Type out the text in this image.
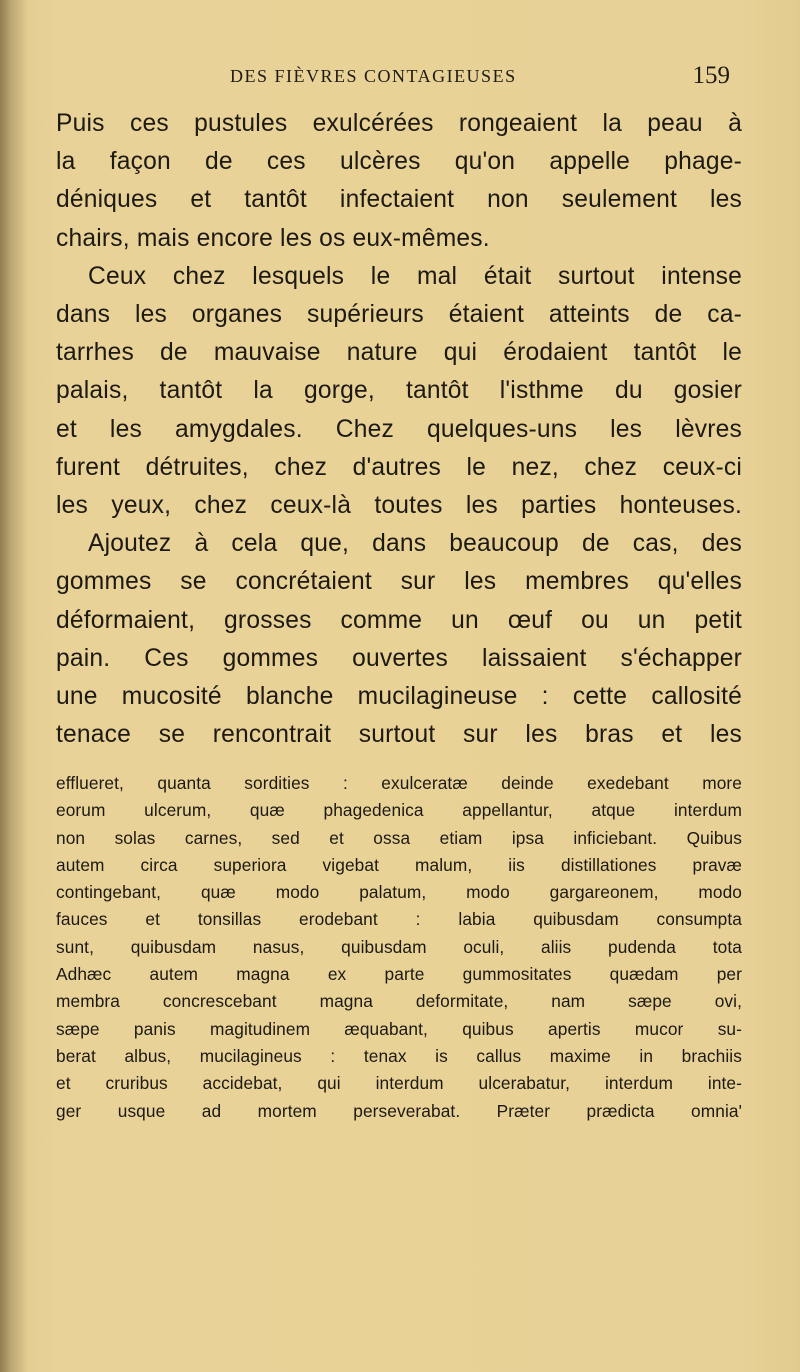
DES FIÈVRES CONTAGIEUSES	159
Puis ces pustules exulcérées rongeaient la peau à
la façon de ces ulcères qu'on appelle phage-
déniques et tantôt infectaient non seulement les
chairs, mais encore les os eux-mêmes.
Ceux chez lesquels le mal était surtout intense
dans les organes supérieurs étaient atteints de ca-
tarrhes de mauvaise nature qui érodaient tantôt le
palais, tantôt la gorge, tantôt l'isthme du gosier
et les amygdales. Chez quelques-uns les lèvres
furent détruites, chez d'autres le nez, chez ceux-ci
les yeux, chez ceux-là toutes les parties honteuses.
Ajoutez à cela que, dans beaucoup de cas, des
gommes se concrétaient sur les membres qu'elles
déformaient, grosses comme un œuf ou un petit
pain. Ces gommes ouvertes laissaient s'échapper
une mucosité blanche mucilagineuse : cette callosité
tenace se rencontrait surtout sur les bras et les
efflueret, quanta sordities : exulceratæ deinde exedebant more
eorum ulcerum, quæ phagedenica appellantur, atque interdum
non solas carnes, sed et ossa etiam ipsa inficiebant. Quibus
autem circa superiora vigebat malum, iis distillationes pravæ
contingebant, quæ modo palatum, modo gargareonem, modo
fauces et tonsillas erodebant : labia quibusdam consumpta
sunt, quibusdam nasus, quibusdam oculi, aliis pudenda tota
Adhæc autem magna ex parte gummositates quædam per
membra concrescebant magna deformitate, nam sæpe ovi,
sæpe panis magitudinem æquabant, quibus apertis mucor su-
berat albus, mucilagineus : tenax is callus maxime in brachiis
et cruribus accidebat, qui interdum ulcerabatur, interdum inte-
ger usque ad mortem perseverabat. Præter prædicta omnia'
